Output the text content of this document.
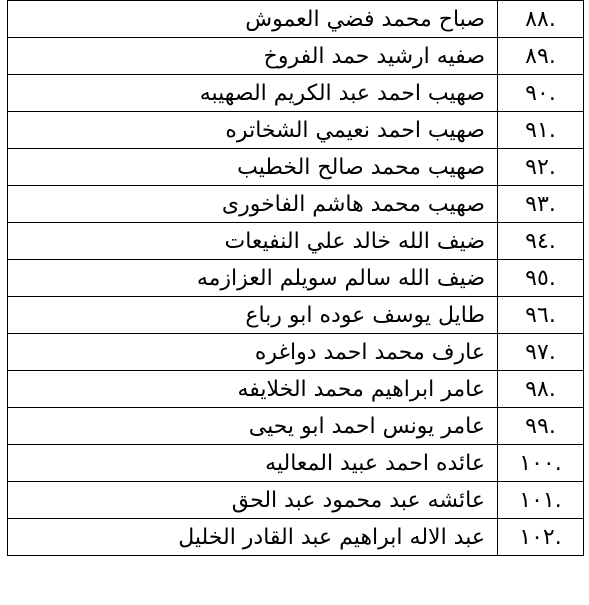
٨٨.	صباح محمد فضي العموش
٨٩.	صفيه ارشيد حمد الفروخ
٩٠.	صهيب احمد عبد الكريم الصهيبه
٩١.	صهيب احمد نعيمي الشخاتره
٩٢.	صهيب محمد صالح الخطيب
٩٣.	صهيب محمد هاشم الفاخورى
٩٤.	ضيف الله خالد علي النفيعات
٩٥.	ضيف الله سالم سويلم العزازمه
٩٦.	طايل يوسف عوده ابو رباع
٩٧.	عارف محمد احمد دواغره
٩٨.	عامر ابراهيم محمد الخلايفه
٩٩.	عامر يونس احمد ابو يحيى
١٠٠.	عائده احمد عبيد المعاليه
١٠١.	عائشه عبد محمود عبد الحق
١٠٢.	عبد الاله ابراهيم عبد القادر الخليل
